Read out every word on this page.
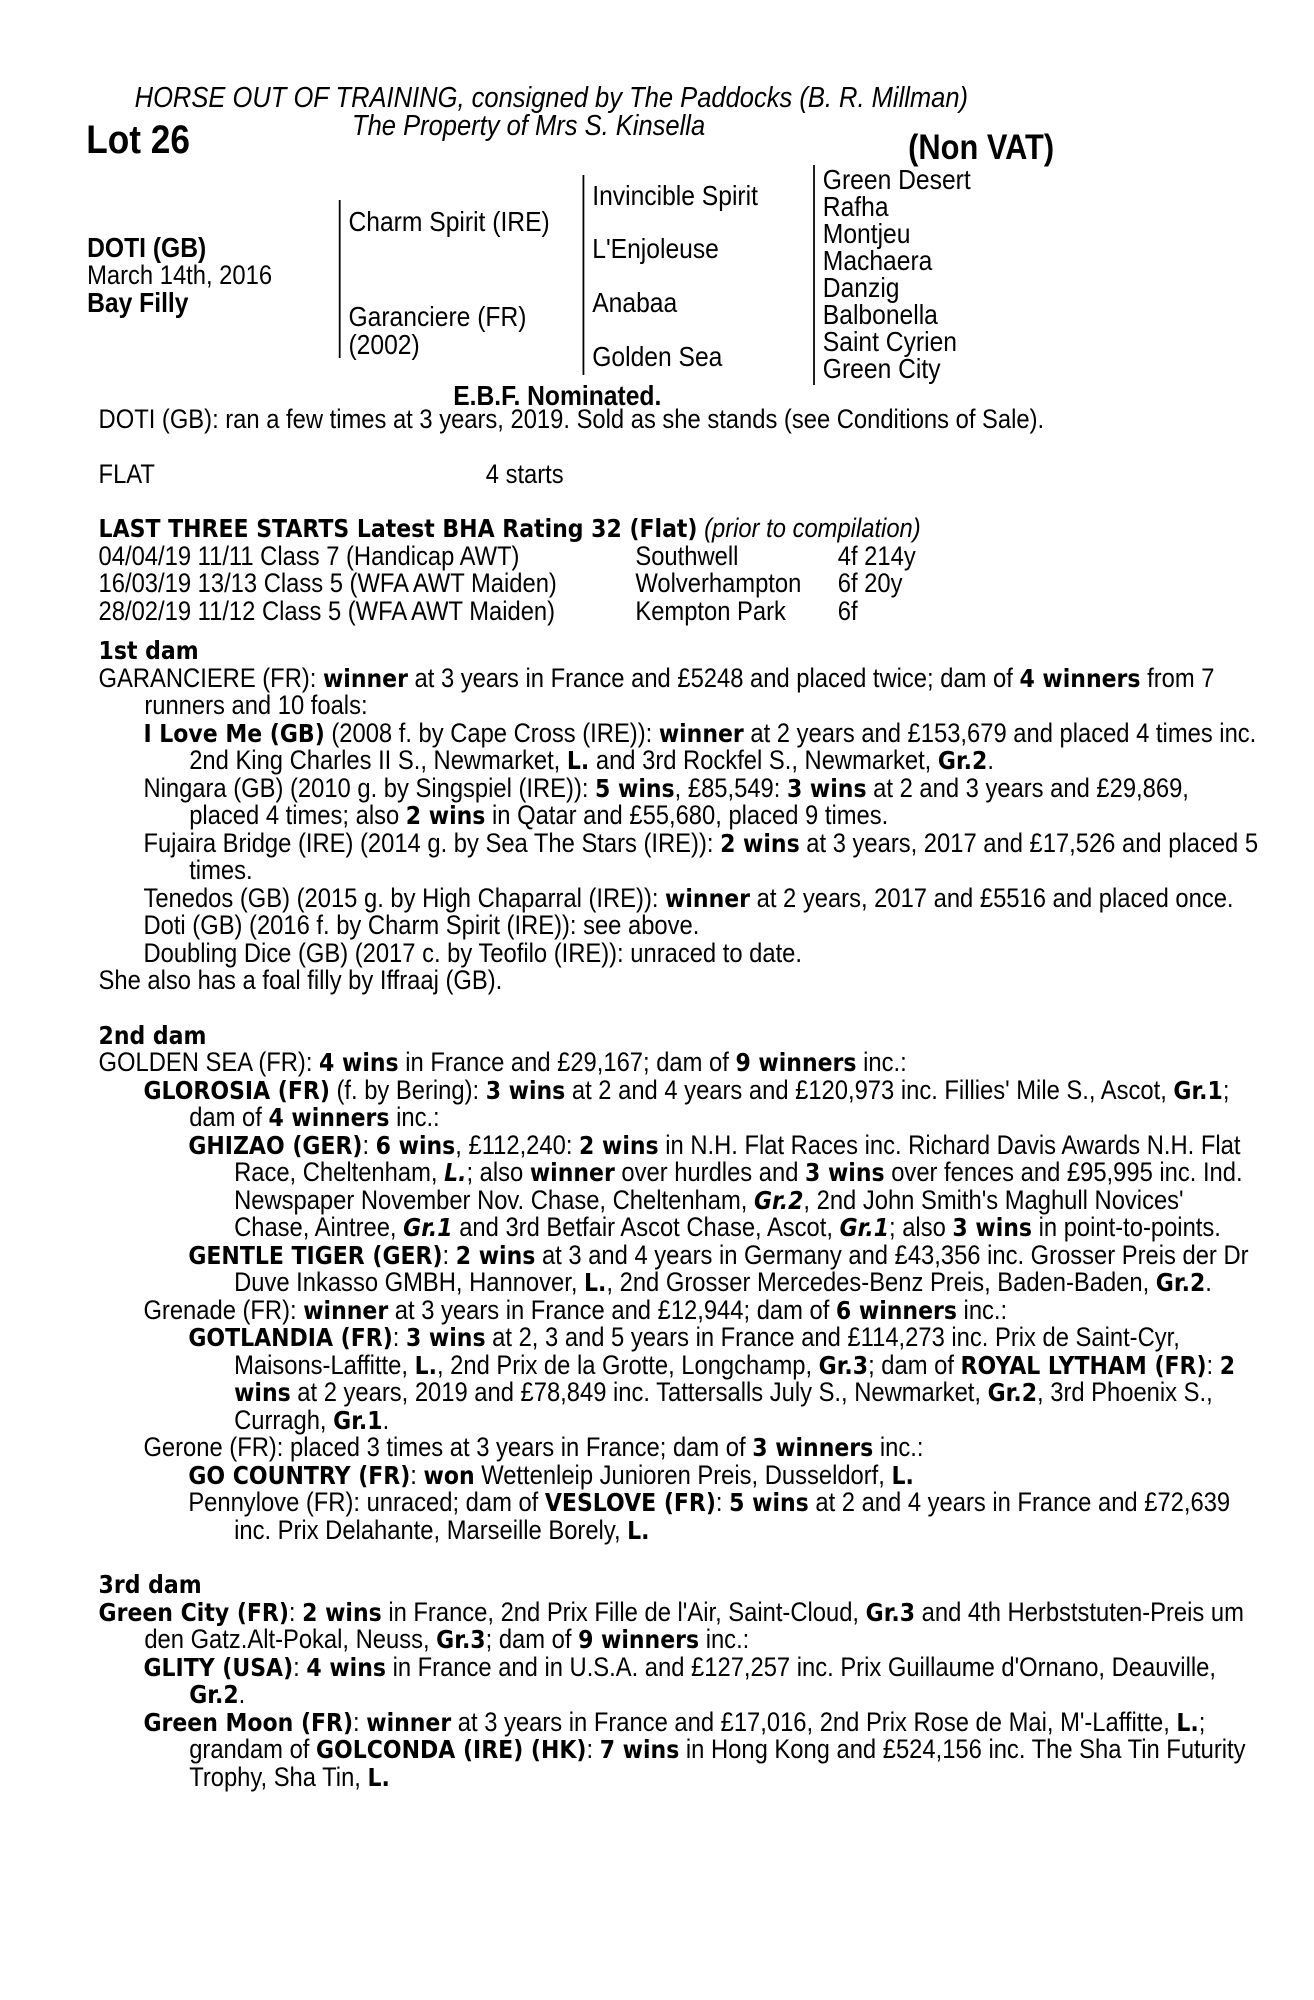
HORSE OUT OF TRAINING, consigned by The Paddocks (B. R. Millman)
The Property of Mrs S. Kinsella
Lot 26	(Non VAT)
DOTI (GB)
March 14th, 2016
Bay Filly
Charm Spirit (IRE)
Garanciere (FR)
(2002)
Invincible Spirit
L'Enjoleuse
Anabaa
Golden Sea
Green Desert
Rafha
Montjeu
Machaera
Danzig
Balbonella
Saint Cyrien
Green City
E.B.F. Nominated.

DOTI (GB): ran a few times at 3 years, 2019. Sold as she stands (see Conditions of Sale).

FLAT	4 starts

LAST THREE STARTS Latest BHA Rating 32 (Flat) (prior to compilation)

04/04/19 11/11 Class 7 (Handicap AWT)	Southwell	4f 214y

16/03/19 13/13 Class 5 (WFA AWT Maiden)	Wolverhampton 6f 20y

28/02/19 11/12 Class 5 (WFA AWT Maiden)	Kempton Park 6f

1st dam

GARANCIERE (FR): winner at 3 years in France and £5248 and placed twice; dam of 4 winners from 7 runners and 10 foals:

I Love Me (GB) (2008 f. by Cape Cross (IRE)): winner at 2 years and £153,679 and placed 4 times inc. 2nd King Charles II S., Newmarket, L. and 3rd Rockfel S., Newmarket, Gr.2.

Ningara (GB) (2010 g. by Singspiel (IRE)): 5 wins, £85,549: 3 wins at 2 and 3 years and £29,869, placed 4 times; also 2 wins in Qatar and £55,680, placed 9 times.

Fujaira Bridge (IRE) (2014 g. by Sea The Stars (IRE)): 2 wins at 3 years, 2017 and £17,526 and placed 5 times.

Tenedos (GB) (2015 g. by High Chaparral (IRE)): winner at 2 years, 2017 and £5516 and placed once.

Doti (GB) (2016 f. by Charm Spirit (IRE)): see above.

Doubling Dice (GB) (2017 c. by Teofilo (IRE)): unraced to date.

She also has a foal filly by Iffraaj (GB).

2nd dam

GOLDEN SEA (FR): 4 wins in France and £29,167; dam of 9 winners inc.:

GLOROSIA (FR) (f. by Bering): 3 wins at 2 and 4 years and £120,973 inc. Fillies' Mile S., Ascot, Gr.1; dam of 4 winners inc.:

GHIZAO (GER): 6 wins, £112,240: 2 wins in N.H. Flat Races inc. Richard Davis Awards N.H. Flat Race, Cheltenham, L.; also winner over hurdles and 3 wins over fences and £95,995 inc. Ind. Newspaper November Nov. Chase, Cheltenham, Gr.2, 2nd John Smith's Maghull Novices' Chase, Aintree, Gr.1 and 3rd Betfair Ascot Chase, Ascot, Gr.1; also 3 wins in point-to-points.

GENTLE TIGER (GER): 2 wins at 3 and 4 years in Germany and £43,356 inc. Grosser Preis der Dr Duve Inkasso GMBH, Hannover, L., 2nd Grosser Mercedes-Benz Preis, Baden-Baden, Gr.2.

Grenade (FR): winner at 3 years in France and £12,944; dam of 6 winners inc.:

GOTLANDIA (FR): 3 wins at 2, 3 and 5 years in France and £114,273 inc. Prix de Saint-Cyr, Maisons-Laffitte, L., 2nd Prix de la Grotte, Longchamp, Gr.3; dam of ROYAL LYTHAM (FR): 2 wins at 2 years, 2019 and £78,849 inc. Tattersalls July S., Newmarket, Gr.2, 3rd Phoenix S., Curragh, Gr.1.

Gerone (FR): placed 3 times at 3 years in France; dam of 3 winners inc.:

GO COUNTRY (FR): won Wettenleip Junioren Preis, Dusseldorf, L.

Pennylove (FR): unraced; dam of VESLOVE (FR): 5 wins at 2 and 4 years in France and £72,639 inc. Prix Delahante, Marseille Borely, L.

3rd dam

Green City (FR): 2 wins in France, 2nd Prix Fille de l'Air, Saint-Cloud, Gr.3 and 4th Herbststuten-Preis um den Gatz.Alt-Pokal, Neuss, Gr.3; dam of 9 winners inc.:

GLITY (USA): 4 wins in France and in U.S.A. and £127,257 inc. Prix Guillaume d'Ornano, Deauville, Gr.2.

Green Moon (FR): winner at 3 years in France and £17,016, 2nd Prix Rose de Mai, M'-Laffitte, L.; grandam of GOLCONDA (IRE) (HK): 7 wins in Hong Kong and £524,156 inc. The Sha Tin Futurity Trophy, Sha Tin, L.
